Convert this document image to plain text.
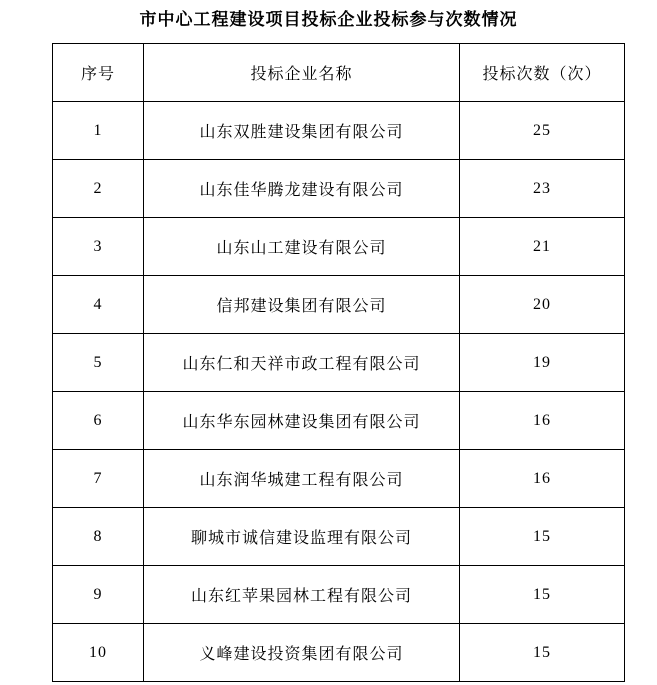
市中心工程建设项目投标企业投标参与次数情况
序号	投标企业名称	投标次数（次）
1	山东双胜建设集团有限公司	25
2	山东佳华腾龙建设有限公司	23
3	山东山工建设有限公司	21
4	信邦建设集团有限公司	20
5	山东仁和天祥市政工程有限公司	19
6	山东华东园林建设集团有限公司	16
7	山东润华城建工程有限公司	16
8	聊城市诚信建设监理有限公司	15
9	山东红苹果园林工程有限公司	15
10	义峰建设投资集团有限公司	15
